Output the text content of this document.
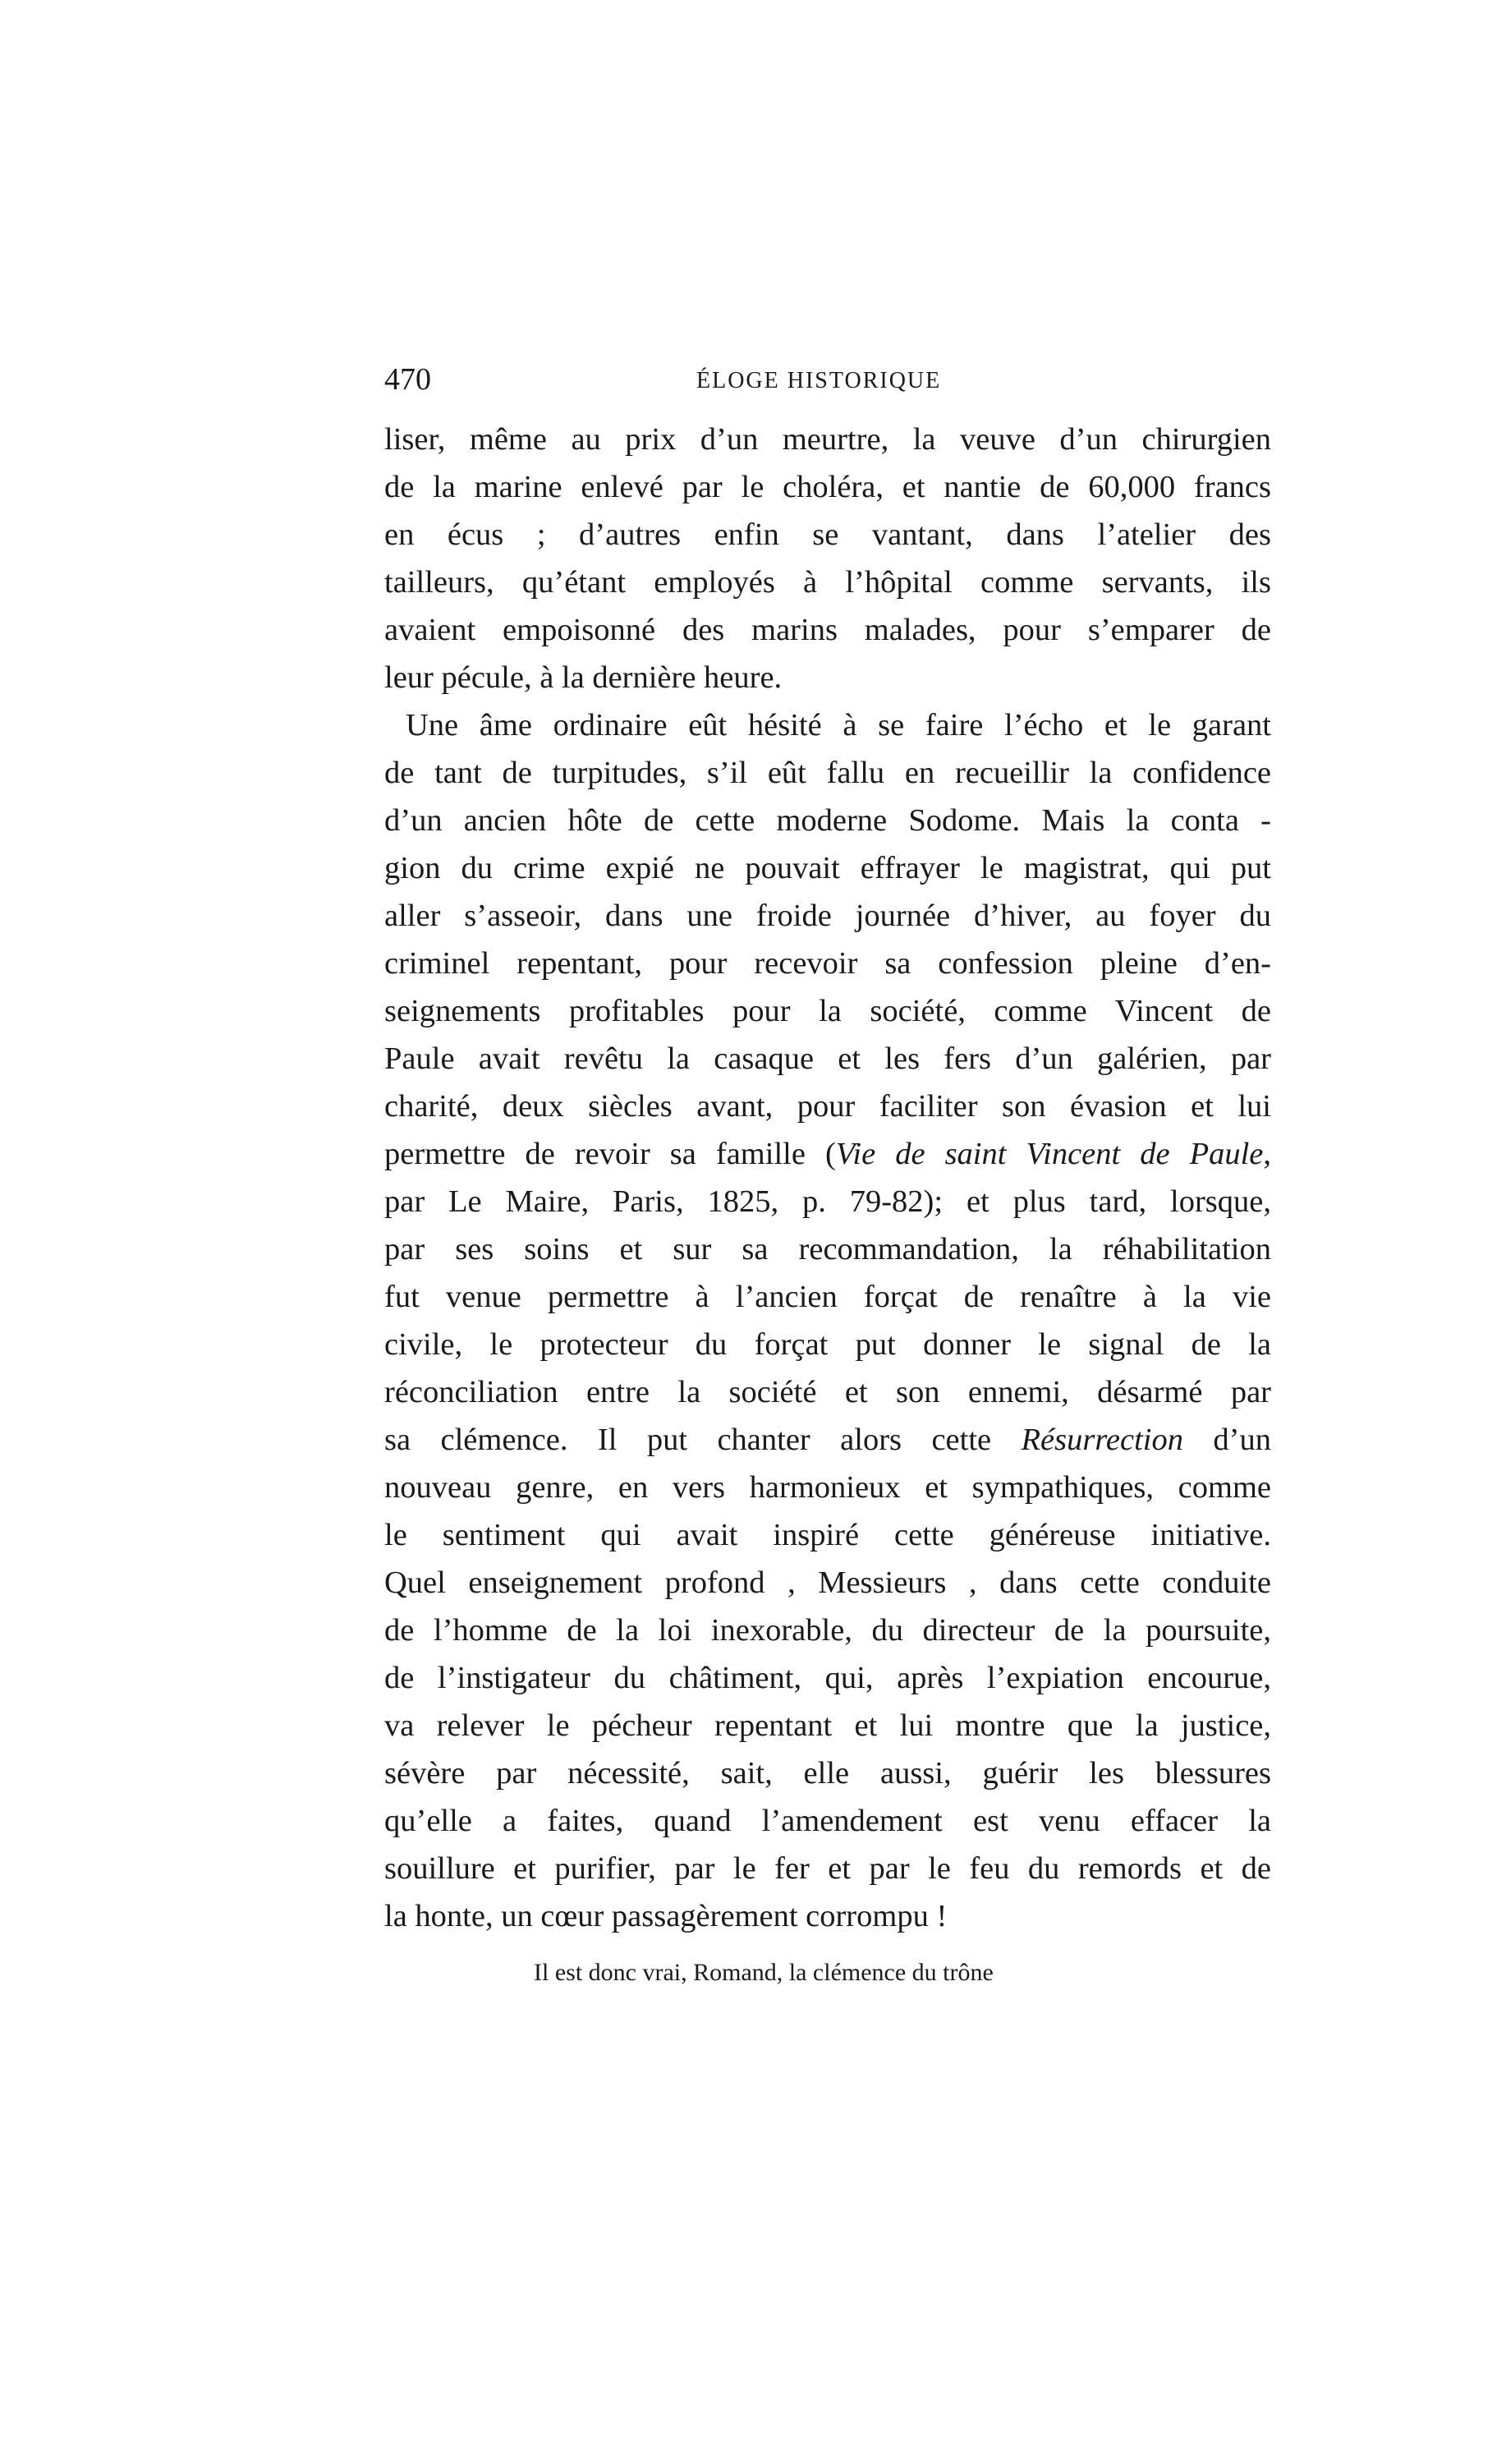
470	ÉLOGE HISTORIQUE
liser, même au prix d’un meurtre, la veuve d’un chirurgien
de la marine enlevé par le choléra, et nantie de 60,000 francs
en écus ; d’autres enfin se vantant, dans l’atelier des
tailleurs, qu’étant employés à l’hôpital comme servants, ils
avaient empoisonné des marins malades, pour s’emparer de
leur pécule, à la dernière heure.
Une âme ordinaire eût hésité à se faire l’écho et le garant
de tant de turpitudes, s’il eût fallu en recueillir la confidence
d’un ancien hôte de cette moderne Sodome. Mais la conta -
gion du crime expié ne pouvait effrayer le magistrat, qui put
aller s’asseoir, dans une froide journée d’hiver, au foyer du
criminel repentant, pour recevoir sa confession pleine d’en-
seignements profitables pour la société, comme Vincent de
Paule avait revêtu la casaque et les fers d’un galérien, par
charité, deux siècles avant, pour faciliter son évasion et lui
permettre de revoir sa famille (Vie de saint Vincent de Paule,
par Le Maire, Paris, 1825, p. 79-82); et plus tard, lorsque,
par ses soins et sur sa recommandation, la réhabilitation
fut venue permettre à l’ancien forçat de renaître à la vie
civile, le protecteur du forçat put donner le signal de la
réconciliation entre la société et son ennemi, désarmé par
sa clémence. Il put chanter alors cette Résurrection d’un
nouveau genre, en vers harmonieux et sympathiques, comme
le sentiment qui avait inspiré cette généreuse initiative.
Quel enseignement profond , Messieurs , dans cette conduite
de l’homme de la loi inexorable, du directeur de la poursuite,
de l’instigateur du châtiment, qui, après l’expiation encourue,
va relever le pécheur repentant et lui montre que la justice,
sévère par nécessité, sait, elle aussi, guérir les blessures
qu’elle a faites, quand l’amendement est venu effacer la
souillure et purifier, par le fer et par le feu du remords et de
la honte, un cœur passagèrement corrompu !
Il est donc vrai, Romand, la clémence du trône
